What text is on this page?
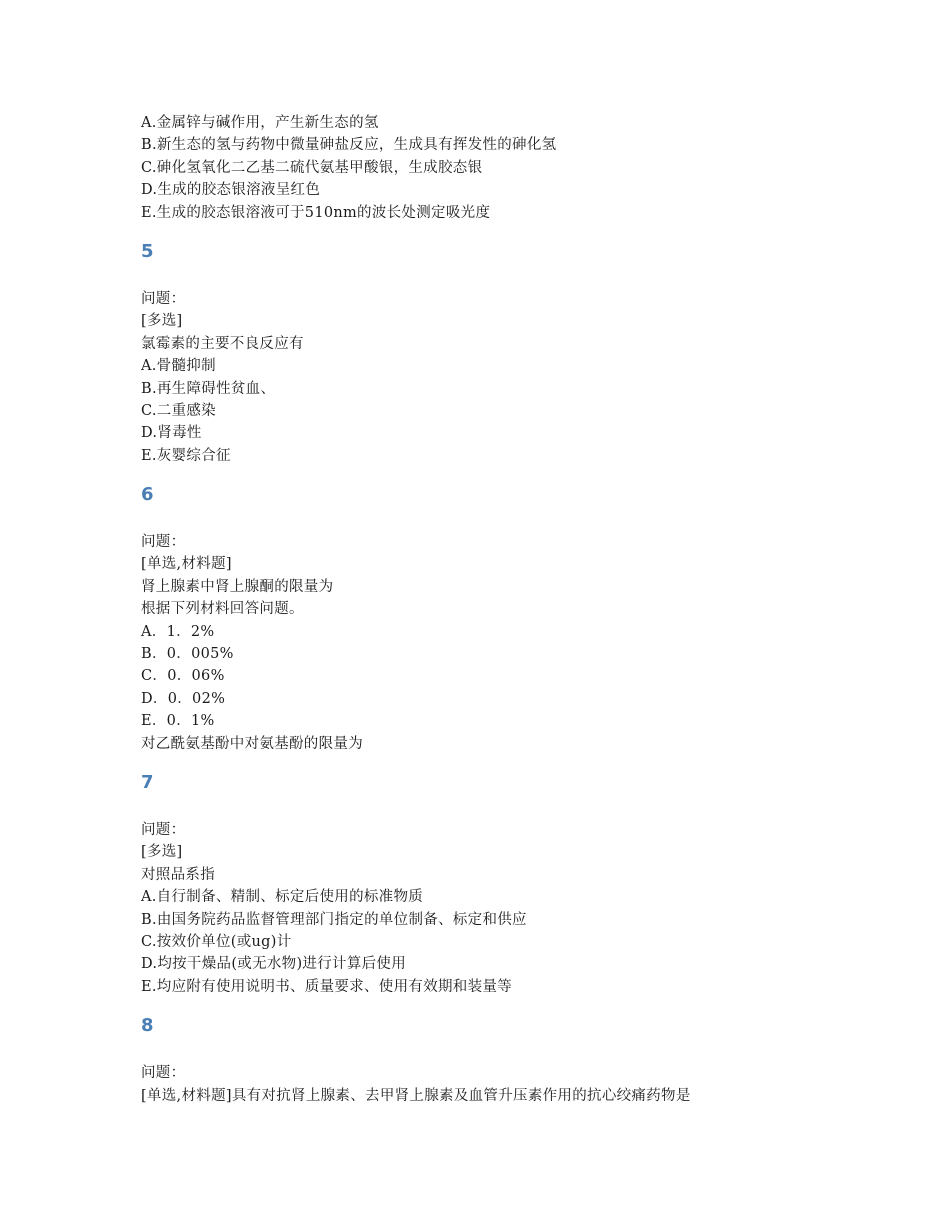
A.金属锌与碱作用，产生新生态的氢
B.新生态的氢与药物中微量砷盐反应，生成具有挥发性的砷化氢
C.砷化氢氧化二乙基二硫代氨基甲酸银，生成胶态银
D.生成的胶态银溶液呈红色
E.生成的胶态银溶液可于510nm的波长处测定吸光度
5
问题：
[多选]
氯霉素的主要不良反应有
A.骨髓抑制
B.再生障碍性贫血、
C.二重感染
D.肾毒性
E.灰婴综合征
6
问题：
[单选,材料题]
肾上腺素中肾上腺酮的限量为
根据下列材料回答问题。
A．1．2%
B．0．005%
C．0．06%
D．0．02%
E．0．1%
对乙酰氨基酚中对氨基酚的限量为
7
问题：
[多选]
对照品系指
A.自行制备、精制、标定后使用的标准物质
B.由国务院药品监督管理部门指定的单位制备、标定和供应
C.按效价单位(或ug)计
D.均按干燥品(或无水物)进行计算后使用
E.均应附有使用说明书、质量要求、使用有效期和装量等
8
问题：
[单选,材料题]具有对抗肾上腺素、去甲肾上腺素及血管升压素作用的抗心绞痛药物是
